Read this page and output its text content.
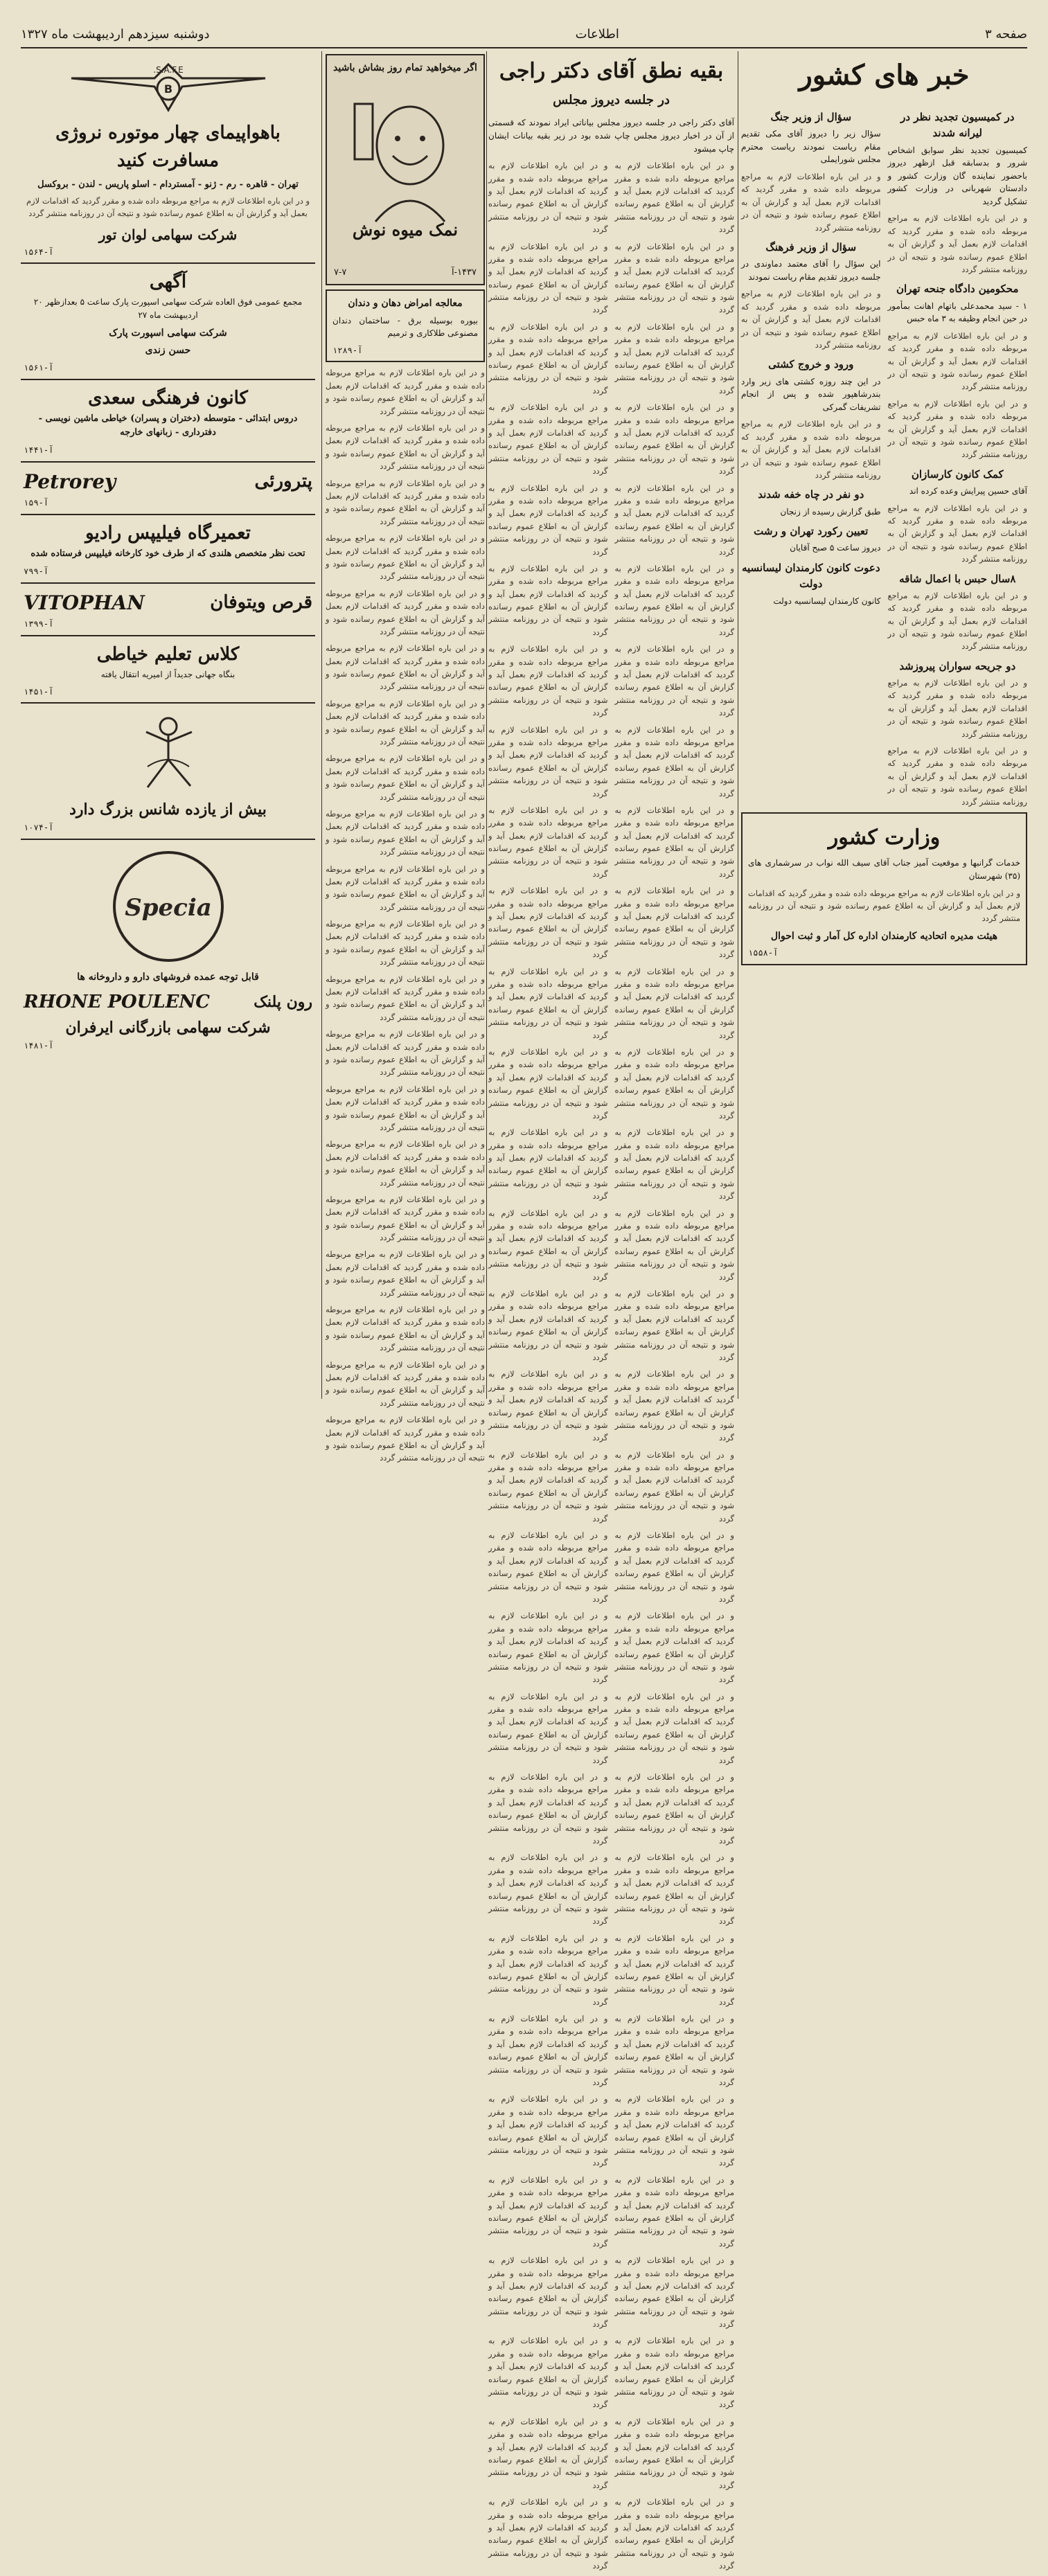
صفحه ۳
اطلاعات
دوشنبه سیزدهم اردیبهشت ماه ۱۳۲۷
خبر های کشور
در کمیسیون تجدید نظر در لیرانه شدند

کمیسیون تجدید نظر سوابق اشخاص شرور و بدسابقه قبل ازظهر دیروز باحضور نماینده گان وزارت کشور و دادستان شهربانی در وزارت کشور تشکیل گردید

و در این باره اطلاعات لازم به مراجع مربوطه داده شده و مقرر گردید که اقدامات لازم بعمل آید و گزارش آن به اطلاع عموم رسانده شود و نتیجه آن در روزنامه منتشر گردد

محکومین دادگاه جنحه تهران

۱ - سید محمدعلی باتهام اهانت بمأمور در حین انجام وظیفه به ۳ ماه حبس

و در این باره اطلاعات لازم به مراجع مربوطه داده شده و مقرر گردید که اقدامات لازم بعمل آید و گزارش آن به اطلاع عموم رسانده شود و نتیجه آن در روزنامه منتشر گردد

و در این باره اطلاعات لازم به مراجع مربوطه داده شده و مقرر گردید که اقدامات لازم بعمل آید و گزارش آن به اطلاع عموم رسانده شود و نتیجه آن در روزنامه منتشر گردد

کمک کانون کارسازان

آقای حسین پیرایش وعده کرده اند

و در این باره اطلاعات لازم به مراجع مربوطه داده شده و مقرر گردید که اقدامات لازم بعمل آید و گزارش آن به اطلاع عموم رسانده شود و نتیجه آن در روزنامه منتشر گردد

۸سال حبس با اعمال شاقه

و در این باره اطلاعات لازم به مراجع مربوطه داده شده و مقرر گردید که اقدامات لازم بعمل آید و گزارش آن به اطلاع عموم رسانده شود و نتیجه آن در روزنامه منتشر گردد

دو جریحه سواران پیروزشد

و در این باره اطلاعات لازم به مراجع مربوطه داده شده و مقرر گردید که اقدامات لازم بعمل آید و گزارش آن به اطلاع عموم رسانده شود و نتیجه آن در روزنامه منتشر گردد

و در این باره اطلاعات لازم به مراجع مربوطه داده شده و مقرر گردید که اقدامات لازم بعمل آید و گزارش آن به اطلاع عموم رسانده شود و نتیجه آن در روزنامه منتشر گردد

سؤال از وزیر جنگ

سؤال زیر را دیروز آقای مکی تقدیم مقام ریاست نمودند ریاست محترم مجلس شورایملی

و در این باره اطلاعات لازم به مراجع مربوطه داده شده و مقرر گردید که اقدامات لازم بعمل آید و گزارش آن به اطلاع عموم رسانده شود و نتیجه آن در روزنامه منتشر گردد

سؤال از وزیر فرهنگ

این سؤال را آقای معتمد دماوندی در جلسه دیروز تقدیم مقام ریاست نمودند

و در این باره اطلاعات لازم به مراجع مربوطه داده شده و مقرر گردید که اقدامات لازم بعمل آید و گزارش آن به اطلاع عموم رسانده شود و نتیجه آن در روزنامه منتشر گردد

ورود و خروج کشتی

در این چند روزه کشتی های زیر وارد بندرشاهپور شده و پس از انجام تشریفات گمرکی

و در این باره اطلاعات لازم به مراجع مربوطه داده شده و مقرر گردید که اقدامات لازم بعمل آید و گزارش آن به اطلاع عموم رسانده شود و نتیجه آن در روزنامه منتشر گردد

دو نفر در چاه خفه شدند

طبق گزارش رسیده از زنجان

تعیین رکورد تهران و رشت

دیروز ساعت ۵ صبح آقایان

دعوت کانون کارمندان لیسانسیه دولت

کانون کارمندان لیسانسیه دولت

وزارت کشور

خدمات گرانبها و موقعیت آمیز جناب آقای سیف الله نواب در سرشماری های (۳۵) شهرستان

و در این باره اطلاعات لازم به مراجع مربوطه داده شده و مقرر گردید که اقدامات لازم بعمل آید و گزارش آن به اطلاع عموم رسانده شود و نتیجه آن در روزنامه منتشر گردد

هیئت مدیره اتحادیه کارمندان اداره کل آمار و ثبت احوال
۱۵۵۸-آ
بقیه نطق آقای دکتر راجی
در جلسه دیروز مجلس

آقای دکتر راجی در جلسه دیروز مجلس بیاناتی ایراد نمودند که قسمتی از آن در اخبار دیروز مجلس چاپ شده بود در زیر بقیه بیانات ایشان چاپ میشود

و در این باره اطلاعات لازم به مراجع مربوطه داده شده و مقرر گردید که اقدامات لازم بعمل آید و گزارش آن به اطلاع عموم رسانده شود و نتیجه آن در روزنامه منتشر گردد

و در این باره اطلاعات لازم به مراجع مربوطه داده شده و مقرر گردید که اقدامات لازم بعمل آید و گزارش آن به اطلاع عموم رسانده شود و نتیجه آن در روزنامه منتشر گردد

و در این باره اطلاعات لازم به مراجع مربوطه داده شده و مقرر گردید که اقدامات لازم بعمل آید و گزارش آن به اطلاع عموم رسانده شود و نتیجه آن در روزنامه منتشر گردد

و در این باره اطلاعات لازم به مراجع مربوطه داده شده و مقرر گردید که اقدامات لازم بعمل آید و گزارش آن به اطلاع عموم رسانده شود و نتیجه آن در روزنامه منتشر گردد

و در این باره اطلاعات لازم به مراجع مربوطه داده شده و مقرر گردید که اقدامات لازم بعمل آید و گزارش آن به اطلاع عموم رسانده شود و نتیجه آن در روزنامه منتشر گردد

و در این باره اطلاعات لازم به مراجع مربوطه داده شده و مقرر گردید که اقدامات لازم بعمل آید و گزارش آن به اطلاع عموم رسانده شود و نتیجه آن در روزنامه منتشر گردد

و در این باره اطلاعات لازم به مراجع مربوطه داده شده و مقرر گردید که اقدامات لازم بعمل آید و گزارش آن به اطلاع عموم رسانده شود و نتیجه آن در روزنامه منتشر گردد

و در این باره اطلاعات لازم به مراجع مربوطه داده شده و مقرر گردید که اقدامات لازم بعمل آید و گزارش آن به اطلاع عموم رسانده شود و نتیجه آن در روزنامه منتشر گردد

و در این باره اطلاعات لازم به مراجع مربوطه داده شده و مقرر گردید که اقدامات لازم بعمل آید و گزارش آن به اطلاع عموم رسانده شود و نتیجه آن در روزنامه منتشر گردد

و در این باره اطلاعات لازم به مراجع مربوطه داده شده و مقرر گردید که اقدامات لازم بعمل آید و گزارش آن به اطلاع عموم رسانده شود و نتیجه آن در روزنامه منتشر گردد

و در این باره اطلاعات لازم به مراجع مربوطه داده شده و مقرر گردید که اقدامات لازم بعمل آید و گزارش آن به اطلاع عموم رسانده شود و نتیجه آن در روزنامه منتشر گردد

و در این باره اطلاعات لازم به مراجع مربوطه داده شده و مقرر گردید که اقدامات لازم بعمل آید و گزارش آن به اطلاع عموم رسانده شود و نتیجه آن در روزنامه منتشر گردد

و در این باره اطلاعات لازم به مراجع مربوطه داده شده و مقرر گردید که اقدامات لازم بعمل آید و گزارش آن به اطلاع عموم رسانده شود و نتیجه آن در روزنامه منتشر گردد

و در این باره اطلاعات لازم به مراجع مربوطه داده شده و مقرر گردید که اقدامات لازم بعمل آید و گزارش آن به اطلاع عموم رسانده شود و نتیجه آن در روزنامه منتشر گردد

و در این باره اطلاعات لازم به مراجع مربوطه داده شده و مقرر گردید که اقدامات لازم بعمل آید و گزارش آن به اطلاع عموم رسانده شود و نتیجه آن در روزنامه منتشر گردد

و در این باره اطلاعات لازم به مراجع مربوطه داده شده و مقرر گردید که اقدامات لازم بعمل آید و گزارش آن به اطلاع عموم رسانده شود و نتیجه آن در روزنامه منتشر گردد

و در این باره اطلاعات لازم به مراجع مربوطه داده شده و مقرر گردید که اقدامات لازم بعمل آید و گزارش آن به اطلاع عموم رسانده شود و نتیجه آن در روزنامه منتشر گردد

و در این باره اطلاعات لازم به مراجع مربوطه داده شده و مقرر گردید که اقدامات لازم بعمل آید و گزارش آن به اطلاع عموم رسانده شود و نتیجه آن در روزنامه منتشر گردد

و در این باره اطلاعات لازم به مراجع مربوطه داده شده و مقرر گردید که اقدامات لازم بعمل آید و گزارش آن به اطلاع عموم رسانده شود و نتیجه آن در روزنامه منتشر گردد

و در این باره اطلاعات لازم به مراجع مربوطه داده شده و مقرر گردید که اقدامات لازم بعمل آید و گزارش آن به اطلاع عموم رسانده شود و نتیجه آن در روزنامه منتشر گردد

و در این باره اطلاعات لازم به مراجع مربوطه داده شده و مقرر گردید که اقدامات لازم بعمل آید و گزارش آن به اطلاع عموم رسانده شود و نتیجه آن در روزنامه منتشر گردد

و در این باره اطلاعات لازم به مراجع مربوطه داده شده و مقرر گردید که اقدامات لازم بعمل آید و گزارش آن به اطلاع عموم رسانده شود و نتیجه آن در روزنامه منتشر گردد

و در این باره اطلاعات لازم به مراجع مربوطه داده شده و مقرر گردید که اقدامات لازم بعمل آید و گزارش آن به اطلاع عموم رسانده شود و نتیجه آن در روزنامه منتشر گردد

و در این باره اطلاعات لازم به مراجع مربوطه داده شده و مقرر گردید که اقدامات لازم بعمل آید و گزارش آن به اطلاع عموم رسانده شود و نتیجه آن در روزنامه منتشر گردد

و در این باره اطلاعات لازم به مراجع مربوطه داده شده و مقرر گردید که اقدامات لازم بعمل آید و گزارش آن به اطلاع عموم رسانده شود و نتیجه آن در روزنامه منتشر گردد

و در این باره اطلاعات لازم به مراجع مربوطه داده شده و مقرر گردید که اقدامات لازم بعمل آید و گزارش آن به اطلاع عموم رسانده شود و نتیجه آن در روزنامه منتشر گردد

و در این باره اطلاعات لازم به مراجع مربوطه داده شده و مقرر گردید که اقدامات لازم بعمل آید و گزارش آن به اطلاع عموم رسانده شود و نتیجه آن در روزنامه منتشر گردد

و در این باره اطلاعات لازم به مراجع مربوطه داده شده و مقرر گردید که اقدامات لازم بعمل آید و گزارش آن به اطلاع عموم رسانده شود و نتیجه آن در روزنامه منتشر گردد

و در این باره اطلاعات لازم به مراجع مربوطه داده شده و مقرر گردید که اقدامات لازم بعمل آید و گزارش آن به اطلاع عموم رسانده شود و نتیجه آن در روزنامه منتشر گردد

و در این باره اطلاعات لازم به مراجع مربوطه داده شده و مقرر گردید که اقدامات لازم بعمل آید و گزارش آن به اطلاع عموم رسانده شود و نتیجه آن در روزنامه منتشر گردد

و در این باره اطلاعات لازم به مراجع مربوطه داده شده و مقرر گردید که اقدامات لازم بعمل آید و گزارش آن به اطلاع عموم رسانده شود و نتیجه آن در روزنامه منتشر گردد

و در این باره اطلاعات لازم به مراجع مربوطه داده شده و مقرر گردید که اقدامات لازم بعمل آید و گزارش آن به اطلاع عموم رسانده شود و نتیجه آن در روزنامه منتشر گردد

و در این باره اطلاعات لازم به مراجع مربوطه داده شده و مقرر گردید که اقدامات لازم بعمل آید و گزارش آن به اطلاع عموم رسانده شود و نتیجه آن در روزنامه منتشر گردد

و در این باره اطلاعات لازم به مراجع مربوطه داده شده و مقرر گردید که اقدامات لازم بعمل آید و گزارش آن به اطلاع عموم رسانده شود و نتیجه آن در روزنامه منتشر گردد

و در این باره اطلاعات لازم به مراجع مربوطه داده شده و مقرر گردید که اقدامات لازم بعمل آید و گزارش آن به اطلاع عموم رسانده شود و نتیجه آن در روزنامه منتشر گردد

و در این باره اطلاعات لازم به مراجع مربوطه داده شده و مقرر گردید که اقدامات لازم بعمل آید و گزارش آن به اطلاع عموم رسانده شود و نتیجه آن در روزنامه منتشر گردد

و در این باره اطلاعات لازم به مراجع مربوطه داده شده و مقرر گردید که اقدامات لازم بعمل آید و گزارش آن به اطلاع عموم رسانده شود و نتیجه آن در روزنامه منتشر گردد

و در این باره اطلاعات لازم به مراجع مربوطه داده شده و مقرر گردید که اقدامات لازم بعمل آید و گزارش آن به اطلاع عموم رسانده شود و نتیجه آن در روزنامه منتشر گردد

و در این باره اطلاعات لازم به مراجع مربوطه داده شده و مقرر گردید که اقدامات لازم بعمل آید و گزارش آن به اطلاع عموم رسانده شود و نتیجه آن در روزنامه منتشر گردد

و در این باره اطلاعات لازم به مراجع مربوطه داده شده و مقرر گردید که اقدامات لازم بعمل آید و گزارش آن به اطلاع عموم رسانده شود و نتیجه آن در روزنامه منتشر گردد

و در این باره اطلاعات لازم به مراجع مربوطه داده شده و مقرر گردید که اقدامات لازم بعمل آید و گزارش آن به اطلاع عموم رسانده شود و نتیجه آن در روزنامه منتشر گردد

و در این باره اطلاعات لازم به مراجع مربوطه داده شده و مقرر گردید که اقدامات لازم بعمل آید و گزارش آن به اطلاع عموم رسانده شود و نتیجه آن در روزنامه منتشر گردد

و در این باره اطلاعات لازم به مراجع مربوطه داده شده و مقرر گردید که اقدامات لازم بعمل آید و گزارش آن به اطلاع عموم رسانده شود و نتیجه آن در روزنامه منتشر گردد

و در این باره اطلاعات لازم به مراجع مربوطه داده شده و مقرر گردید که اقدامات لازم بعمل آید و گزارش آن به اطلاع عموم رسانده شود و نتیجه آن در روزنامه منتشر گردد

و در این باره اطلاعات لازم به مراجع مربوطه داده شده و مقرر گردید که اقدامات لازم بعمل آید و گزارش آن به اطلاع عموم رسانده شود و نتیجه آن در روزنامه منتشر گردد

و در این باره اطلاعات لازم به مراجع مربوطه داده شده و مقرر گردید که اقدامات لازم بعمل آید و گزارش آن به اطلاع عموم رسانده شود و نتیجه آن در روزنامه منتشر گردد

و در این باره اطلاعات لازم به مراجع مربوطه داده شده و مقرر گردید که اقدامات لازم بعمل آید و گزارش آن به اطلاع عموم رسانده شود و نتیجه آن در روزنامه منتشر گردد

و در این باره اطلاعات لازم به مراجع مربوطه داده شده و مقرر گردید که اقدامات لازم بعمل آید و گزارش آن به اطلاع عموم رسانده شود و نتیجه آن در روزنامه منتشر گردد

و در این باره اطلاعات لازم به مراجع مربوطه داده شده و مقرر گردید که اقدامات لازم بعمل آید و گزارش آن به اطلاع عموم رسانده شود و نتیجه آن در روزنامه منتشر گردد

و در این باره اطلاعات لازم به مراجع مربوطه داده شده و مقرر گردید که اقدامات لازم بعمل آید و گزارش آن به اطلاع عموم رسانده شود و نتیجه آن در روزنامه منتشر گردد

و در این باره اطلاعات لازم به مراجع مربوطه داده شده و مقرر گردید که اقدامات لازم بعمل آید و گزارش آن به اطلاع عموم رسانده شود و نتیجه آن در روزنامه منتشر گردد

و در این باره اطلاعات لازم به مراجع مربوطه داده شده و مقرر گردید که اقدامات لازم بعمل آید و گزارش آن به اطلاع عموم رسانده شود و نتیجه آن در روزنامه منتشر گردد

و در این باره اطلاعات لازم به مراجع مربوطه داده شده و مقرر گردید که اقدامات لازم بعمل آید و گزارش آن به اطلاع عموم رسانده شود و نتیجه آن در روزنامه منتشر گردد

و در این باره اطلاعات لازم به مراجع مربوطه داده شده و مقرر گردید که اقدامات لازم بعمل آید و گزارش آن به اطلاع عموم رسانده شود و نتیجه آن در روزنامه منتشر گردد

و در این باره اطلاعات لازم به مراجع مربوطه داده شده و مقرر گردید که اقدامات لازم بعمل آید و گزارش آن به اطلاع عموم رسانده شود و نتیجه آن در روزنامه منتشر گردد

و در این باره اطلاعات لازم به مراجع مربوطه داده شده و مقرر گردید که اقدامات لازم بعمل آید و گزارش آن به اطلاع عموم رسانده شود و نتیجه آن در روزنامه منتشر گردد

و در این باره اطلاعات لازم به مراجع مربوطه داده شده و مقرر گردید که اقدامات لازم بعمل آید و گزارش آن به اطلاع عموم رسانده شود و نتیجه آن در روزنامه منتشر گردد

و در این باره اطلاعات لازم به مراجع مربوطه داده شده و مقرر گردید که اقدامات لازم بعمل آید و گزارش آن به اطلاع عموم رسانده شود و نتیجه آن در روزنامه منتشر گردد

و در این باره اطلاعات لازم به مراجع مربوطه داده شده و مقرر گردید که اقدامات لازم بعمل آید و گزارش آن به اطلاع عموم رسانده شود و نتیجه آن در روزنامه منتشر گردد

و در این باره اطلاعات لازم به مراجع مربوطه داده شده و مقرر گردید که اقدامات لازم بعمل آید و گزارش آن به اطلاع عموم رسانده شود و نتیجه آن در روزنامه منتشر گردد

اگر میخواهید تمام روز بشاش باشید
نمک میوه نوش
۱۴۳۷-آ
۷-۷
معالجه امراض دهان و دندان

بیوره بوسیله برق - ساختمان دندان مصنوعی طلاکاری و ترمیم

۱۲۸۹-آ

و در این باره اطلاعات لازم به مراجع مربوطه داده شده و مقرر گردید که اقدامات لازم بعمل آید و گزارش آن به اطلاع عموم رسانده شود و نتیجه آن در روزنامه منتشر گردد

و در این باره اطلاعات لازم به مراجع مربوطه داده شده و مقرر گردید که اقدامات لازم بعمل آید و گزارش آن به اطلاع عموم رسانده شود و نتیجه آن در روزنامه منتشر گردد

و در این باره اطلاعات لازم به مراجع مربوطه داده شده و مقرر گردید که اقدامات لازم بعمل آید و گزارش آن به اطلاع عموم رسانده شود و نتیجه آن در روزنامه منتشر گردد

و در این باره اطلاعات لازم به مراجع مربوطه داده شده و مقرر گردید که اقدامات لازم بعمل آید و گزارش آن به اطلاع عموم رسانده شود و نتیجه آن در روزنامه منتشر گردد

و در این باره اطلاعات لازم به مراجع مربوطه داده شده و مقرر گردید که اقدامات لازم بعمل آید و گزارش آن به اطلاع عموم رسانده شود و نتیجه آن در روزنامه منتشر گردد

و در این باره اطلاعات لازم به مراجع مربوطه داده شده و مقرر گردید که اقدامات لازم بعمل آید و گزارش آن به اطلاع عموم رسانده شود و نتیجه آن در روزنامه منتشر گردد

و در این باره اطلاعات لازم به مراجع مربوطه داده شده و مقرر گردید که اقدامات لازم بعمل آید و گزارش آن به اطلاع عموم رسانده شود و نتیجه آن در روزنامه منتشر گردد

و در این باره اطلاعات لازم به مراجع مربوطه داده شده و مقرر گردید که اقدامات لازم بعمل آید و گزارش آن به اطلاع عموم رسانده شود و نتیجه آن در روزنامه منتشر گردد

و در این باره اطلاعات لازم به مراجع مربوطه داده شده و مقرر گردید که اقدامات لازم بعمل آید و گزارش آن به اطلاع عموم رسانده شود و نتیجه آن در روزنامه منتشر گردد

و در این باره اطلاعات لازم به مراجع مربوطه داده شده و مقرر گردید که اقدامات لازم بعمل آید و گزارش آن به اطلاع عموم رسانده شود و نتیجه آن در روزنامه منتشر گردد

و در این باره اطلاعات لازم به مراجع مربوطه داده شده و مقرر گردید که اقدامات لازم بعمل آید و گزارش آن به اطلاع عموم رسانده شود و نتیجه آن در روزنامه منتشر گردد

و در این باره اطلاعات لازم به مراجع مربوطه داده شده و مقرر گردید که اقدامات لازم بعمل آید و گزارش آن به اطلاع عموم رسانده شود و نتیجه آن در روزنامه منتشر گردد

و در این باره اطلاعات لازم به مراجع مربوطه داده شده و مقرر گردید که اقدامات لازم بعمل آید و گزارش آن به اطلاع عموم رسانده شود و نتیجه آن در روزنامه منتشر گردد

و در این باره اطلاعات لازم به مراجع مربوطه داده شده و مقرر گردید که اقدامات لازم بعمل آید و گزارش آن به اطلاع عموم رسانده شود و نتیجه آن در روزنامه منتشر گردد

و در این باره اطلاعات لازم به مراجع مربوطه داده شده و مقرر گردید که اقدامات لازم بعمل آید و گزارش آن به اطلاع عموم رسانده شود و نتیجه آن در روزنامه منتشر گردد

و در این باره اطلاعات لازم به مراجع مربوطه داده شده و مقرر گردید که اقدامات لازم بعمل آید و گزارش آن به اطلاع عموم رسانده شود و نتیجه آن در روزنامه منتشر گردد

و در این باره اطلاعات لازم به مراجع مربوطه داده شده و مقرر گردید که اقدامات لازم بعمل آید و گزارش آن به اطلاع عموم رسانده شود و نتیجه آن در روزنامه منتشر گردد

و در این باره اطلاعات لازم به مراجع مربوطه داده شده و مقرر گردید که اقدامات لازم بعمل آید و گزارش آن به اطلاع عموم رسانده شود و نتیجه آن در روزنامه منتشر گردد

و در این باره اطلاعات لازم به مراجع مربوطه داده شده و مقرر گردید که اقدامات لازم بعمل آید و گزارش آن به اطلاع عموم رسانده شود و نتیجه آن در روزنامه منتشر گردد

و در این باره اطلاعات لازم به مراجع مربوطه داده شده و مقرر گردید که اقدامات لازم بعمل آید و گزارش آن به اطلاع عموم رسانده شود و نتیجه آن در روزنامه منتشر گردد

S.A.F.E.
B
باهواپیمای چهار موتوره نروژی مسافرت کنید
تهران - قاهره - رم - ژنو - آمستردام - اسلو پاریس - لندن - بروکسل

و در این باره اطلاعات لازم به مراجع مربوطه داده شده و مقرر گردید که اقدامات لازم بعمل آید و گزارش آن به اطلاع عموم رسانده شود و نتیجه آن در روزنامه منتشر گردد

شرکت سهامی لوان تور
۱۵۶۴-آ
آگهی

مجمع عمومی فوق العاده شرکت سهامی اسپورت پارک ساعت ۵ بعدازظهر ۲۰ اردیبهشت ماه ۲۷

شرکت سهامی اسپورت پارک
حسن زندی
۱۵۶۱-آ
کانون فرهنگی سعدی

دروس ابتدائی - متوسطه (دختران و پسران) خیاطی ماشین نویسی - دفترداری - زبانهای خارجه

۱۴۴۱-آ
پترورئی
Petrorey
۱۵۹-آ
تعمیرگاه فیلیپس رادیو

تحت نظر متخصص هلندی که از طرف خود کارخانه فیلیپس فرستاده شده

۷۹۹-آ
قرص ویتوفان
VITOPHAN
۱۳۹۹-آ
کلاس تعلیم خیاطی

بنگاه جهانی جدیداً از امیریه انتقال یافته

۱۴۵۱-آ
بیش از یازده شانس بزرگ دارد
۱۰۷۴-آ
Specia
قابل توجه عمده فروشهای دارو و داروخانه ها
رون پلنک
RHONE POULENC
شرکت سهامی بازرگانی ایرفران
۱۴۸۱-آ
